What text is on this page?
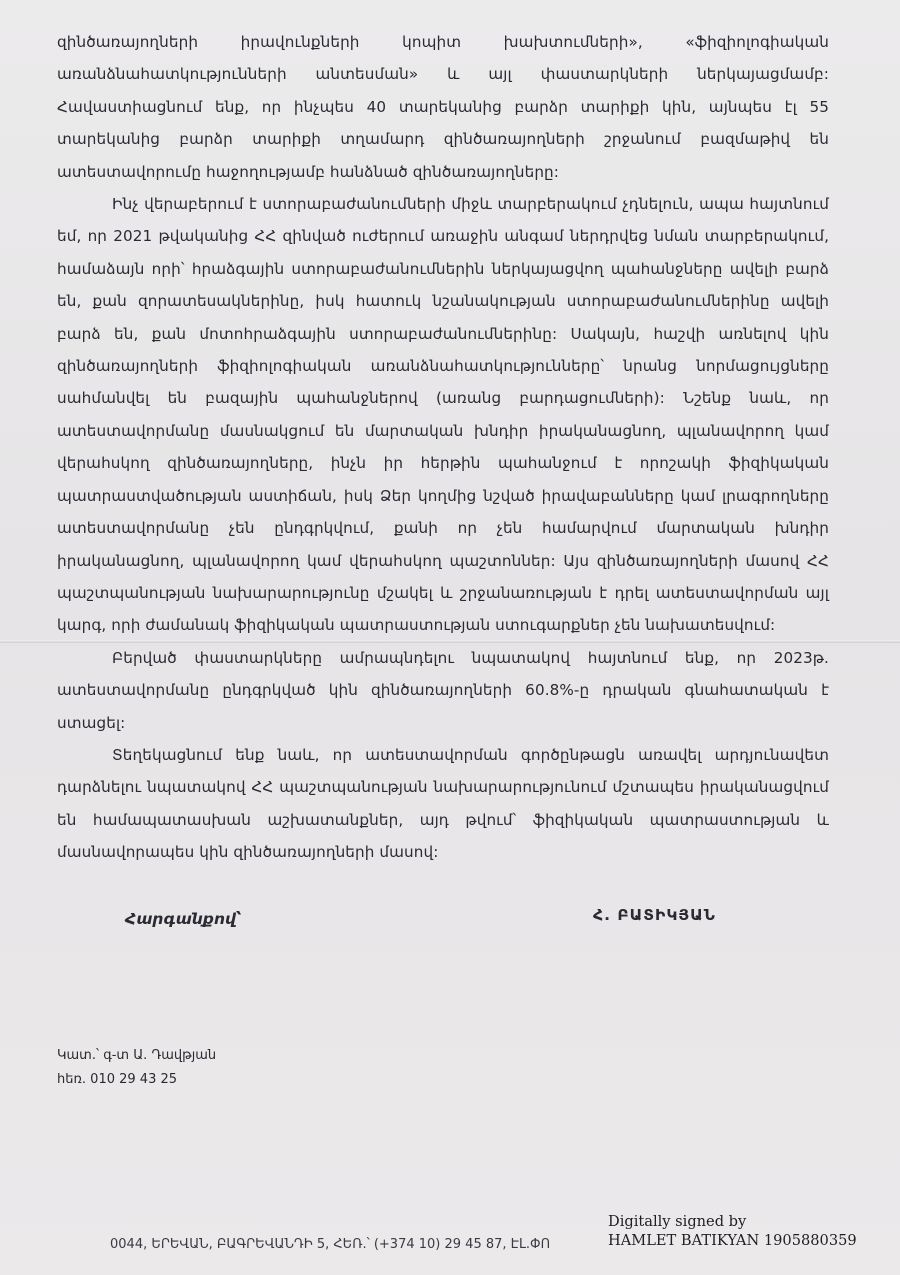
զինծառայողների իրավունքների կոպիտ խախտումների», «ֆիզիոլոգիական առանձնահատկությունների անտեսման» և այլ փաստարկների ներկայացմամբ: Հավաստիացնում ենք, որ ինչպես 40 տարեկանից բարձր տարիքի կին, այնպես էլ 55 տարեկանից բարձր տարիքի տղամարդ զինծառայողների շրջանում բազմաթիվ են ատեստավորումը հաջողությամբ հանձնած զինծառայողները:

Ինչ վերաբերում է ստորաբաժանումների միջև տարբերակում չդնելուն, ապա հայտնում եմ, որ 2021 թվականից ՀՀ զինված ուժերում առաջին անգամ ներդրվեց նման տարբերակում, համաձայն որի՝ հրաձգային ստորաբաժանումներին ներկայացվող պահանջները ավելի բարձ են, քան զորատեսակներինը, իսկ հատուկ նշանակության ստորաբաժանումներինը ավելի բարձ են, քան մոտոհրաձգային ստորաբաժանումներինը: Սակայն, հաշվի առնելով կին զինծառայողների ֆիզիոլոգիական առանձնահատկությունները՝ նրանց նորմացույցները սահմանվել են բազային պահանջներով (առանց բարդացումների): Նշենք նաև, որ ատեստավորմանը մասնակցում են մարտական խնդիր իրականացնող, պլանավորող կամ վերահսկող զինծառայողները, ինչն իր հերթին պահանջում է որոշակի ֆիզիկական պատրաստվածության աստիճան, իսկ Ձեր կողմից նշված իրավաբանները կամ լրագրողները ատեստավորմանը չեն ընդգրկվում, քանի որ չեն համարվում մարտական խնդիր իրականացնող, պլանավորող կամ վերահսկող պաշտոններ: Այս զինծառայողների մասով ՀՀ պաշտպանության նախարարությունը մշակել և շրջանառության է դրել ատեստավորման այլ կարգ, որի ժամանակ ֆիզիկական պատրաստության ստուգարքներ չեն նախատեսվում:

Բերված փաստարկները ամրապնդելու նպատակով հայտնում ենք, որ 2023թ. ատեստավորմանը ընդգրկված կին զինծառայողների 60.8%-ը դրական գնահատական է ստացել:

Տեղեկացնում ենք նաև, որ ատեստավորման գործընթացն առավել արդյունավետ դարձնելու նպատակով ՀՀ պաշտպանության նախարարությունում մշտապես իրականացվում են համապատասխան աշխատանքներ, այդ թվում՝ ֆիզիկական պատրաստության և մասնավորապես կին զինծառայողների մասով:

Հարգանքով՝	Հ. ԲԱՏԻԿՅԱՆ
Կատ.՝ գ-տ Ա. Դավթյան
հեռ. 010 29 43 25
0044, ԵՐԵՎԱՆ, ԲԱԳՐԵՎԱՆԴԻ 5, ՀԵՌ.՝ (+374 10) 29 45 87, ԷԼ.ՓՈ
Digitally signed by
HAMLET BATIKYAN 1905880359
